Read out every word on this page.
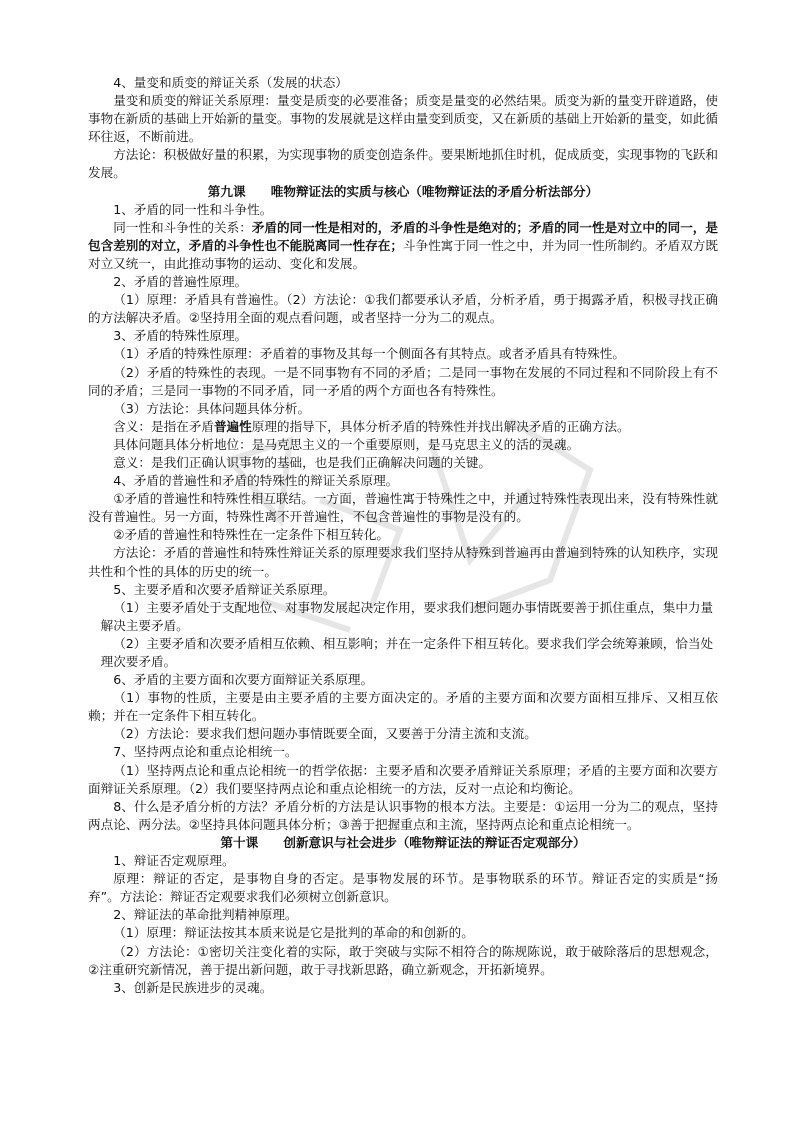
4、量变和质变的辩证关系（发展的状态）

量变和质变的辩证关系原理：量变是质变的必要准备；质变是量变的必然结果。质变为新的量变开辟道路，使事物在新质的基础上开始新的量变。事物的发展就是这样由量变到质变，又在新质的基础上开始新的量变，如此循环往返，不断前进。

方法论：积极做好量的积累，为实现事物的质变创造条件。要果断地抓住时机，促成质变，实现事物的飞跃和发展。

第九课　　唯物辩证法的实质与核心（唯物辩证法的矛盾分析法部分）

1、矛盾的同一性和斗争性。

同一性和斗争性的关系：矛盾的同一性是相对的，矛盾的斗争性是绝对的；矛盾的同一性是对立中的同一，是包含差别的对立，矛盾的斗争性也不能脱离同一性存在；斗争性寓于同一性之中，并为同一性所制约。矛盾双方既对立又统一，由此推动事物的运动、变化和发展。

2、矛盾的普遍性原理。

（1）原理：矛盾具有普遍性。（2）方法论：①我们都要承认矛盾，分析矛盾，勇于揭露矛盾，积极寻找正确的方法解决矛盾。②坚持用全面的观点看问题，或者坚持一分为二的观点。

3、矛盾的特殊性原理。

（1）矛盾的特殊性原理：矛盾着的事物及其每一个侧面各有其特点。或者矛盾具有特殊性。

（2）矛盾的特殊性的表现。一是不同事物有不同的矛盾；二是同一事物在发展的不同过程和不同阶段上有不同的矛盾；三是同一事物的不同矛盾，同一矛盾的两个方面也各有特殊性。

（3）方法论：具体问题具体分析。

含义：是指在矛盾普遍性原理的指导下，具体分析矛盾的特殊性并找出解决矛盾的正确方法。

具体问题具体分析地位：是马克思主义的一个重要原则，是马克思主义的活的灵魂。

意义：是我们正确认识事物的基础，也是我们正确解决问题的关键。

4、矛盾的普遍性和矛盾的特殊性的辩证关系原理。

①矛盾的普遍性和特殊性相互联结。一方面，普遍性寓于特殊性之中，并通过特殊性表现出来，没有特殊性就没有普遍性。另一方面，特殊性离不开普遍性，不包含普遍性的事物是没有的。

②矛盾的普遍性和特殊性在一定条件下相互转化。

方法论：矛盾的普遍性和特殊性辩证关系的原理要求我们坚持从特殊到普遍再由普遍到特殊的认知秩序，实现共性和个性的具体的历史的统一。

5、主要矛盾和次要矛盾辩证关系原理。

（1）主要矛盾处于支配地位、对事物发展起决定作用，要求我们想问题办事情既要善于抓住重点，集中力量解决主要矛盾。

（2）主要矛盾和次要矛盾相互依赖、相互影响；并在一定条件下相互转化。要求我们学会统筹兼顾，恰当处理次要矛盾。

6、矛盾的主要方面和次要方面辩证关系原理。

（1）事物的性质，主要是由主要矛盾的主要方面决定的。矛盾的主要方面和次要方面相互排斥、又相互依赖；并在一定条件下相互转化。

（2）方法论：要求我们想问题办事情既要全面，又要善于分清主流和支流。

7、坚持两点论和重点论相统一。

（1）坚持两点论和重点论相统一的哲学依据：主要矛盾和次要矛盾辩证关系原理；矛盾的主要方面和次要方面辩证关系原理。（2）我们要坚持两点论和重点论相统一的方法，反对一点论和均衡论。

8、什么是矛盾分析的方法？矛盾分析的方法是认识事物的根本方法。主要是：①运用一分为二的观点，坚持两点论、两分法。②坚持具体问题具体分析；③善于把握重点和主流，坚持两点论和重点论相统一。

第十课　　创新意识与社会进步（唯物辩证法的辩证否定观部分）

1、辩证否定观原理。

原理：辩证的否定，是事物自身的否定。是事物发展的环节。是事物联系的环节。辩证否定的实质是“扬弃”。方法论：辩证否定观要求我们必须树立创新意识。

2、辩证法的革命批判精神原理。

（1）原理：辩证法按其本质来说是它是批判的革命的和创新的。

（2）方法论：①密切关注变化着的实际，敢于突破与实际不相符合的陈规陈说，敢于破除落后的思想观念，②注重研究新情况，善于提出新问题，敢于寻找新思路，确立新观念，开拓新境界。

3、创新是民族进步的灵魂。
